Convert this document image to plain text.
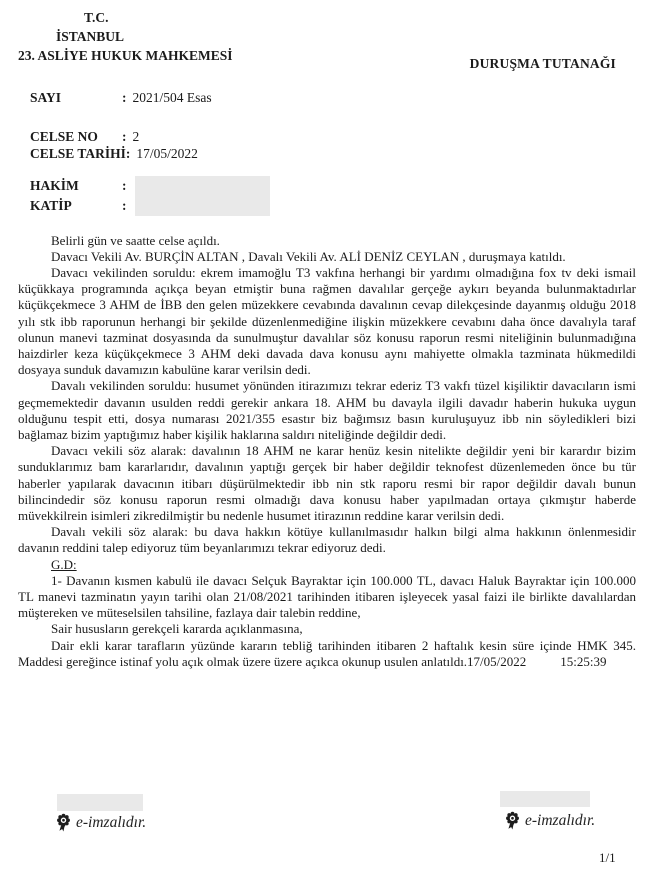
DURUŞMA TUTANAĞI
T.C.
İSTANBUL
23. ASLİYE HUKUK MAHKEMESİ
SAYI	: 2021/504 Esas
CELSE NO	: 2
CELSE TARİHİ : 17/05/2022
HAKİM	:
KATİP	:

Belirli gün ve saatte celse açıldı.

Davacı Vekili Av. BURÇİN ALTAN , Davalı Vekili Av. ALİ DENİZ CEYLAN , duruşmaya katıldı.

Davacı vekilinden soruldu: ekrem imamoğlu T3 vakfına herhangi bir yardımı olmadığına fox tv deki ismail küçükkaya programında açıkça beyan etmiştir buna rağmen davalılar gerçeğe aykırı beyanda bulunmaktadırlar küçükçekmece 3 AHM de İBB den gelen müzekkere cevabında davalının cevap dilekçesinde dayanmış olduğu 2018 yılı stk ibb raporunun herhangi bir şekilde düzenlenmediğine ilişkin müzekkere cevabını daha önce davalıyla taraf olunun manevi tazminat dosyasında da sunulmuştur davalılar söz konusu raporun resmi niteliğinin bulunmadığına haizdirler keza küçükçekmece 3 AHM deki davada dava konusu aynı mahiyette olmakla tazminata hükmedildi dosyaya sunduk davamızın kabulüne karar verilsin dedi.

Davalı vekilinden soruldu: husumet yönünden itirazımızı tekrar ederiz T3 vakfı tüzel kişiliktir davacıların ismi geçmemektedir davanın usulden reddi gerekir ankara 18. AHM bu davayla ilgili davadır haberin hukuka uygun olduğunu tespit etti, dosya numarası 2021/355 esastır biz bağımsız basın kuruluşuyuz ibb nin söyledikleri bizi bağlamaz bizim yaptığımız haber kişilik haklarına saldırı niteliğinde değildir dedi.

Davacı vekili söz alarak: davalının 18 AHM ne karar henüz kesin nitelikte değildir yeni bir karardır bizim sunduklarımız bam kararlarıdır, davalının yaptığı gerçek bir haber değildir teknofest düzenlemeden önce bu tür haberler yapılarak davacının itibarı düşürülmektedir ibb nin stk raporu resmi bir rapor değildir davalı bunun bilincindedir söz konusu raporun resmi olmadığı dava konusu haber yapılmadan ortaya çıkmıştır haberde müvekkilrein isimleri zikredilmiştir bu nedenle husumet itirazının reddine karar verilsin dedi.

Davalı vekili söz alarak: bu dava hakkın kötüye kullanılmasıdır halkın bilgi alma hakkının önlenmesidir davanın reddini talep ediyoruz tüm beyanlarımızı tekrar ediyoruz dedi.

G.D:

1- Davanın kısmen kabulü ile davacı Selçuk Bayraktar için 100.000 TL, davacı Haluk Bayraktar için 100.000 TL manevi tazminatın yayın tarihi olan 21/08/2021 tarihinden itibaren işleyecek yasal faizi ile birlikte davalılardan müştereken ve müteselsilen tahsiline, fazlaya dair talebin reddine,

Sair hususların gerekçeli kararda açıklanmasına,

Dair ekli karar tarafların yüzünde kararın tebliğ tarihinden itibaren 2 haftalık kesin süre içinde HMK 345. Maddesi gereğince istinaf yolu açık olmak üzere üzere açıkca okunup usulen anlatıldı.17/05/2022	15:25:39

e-imzalıdır.	e-imzalıdır.
1/1
